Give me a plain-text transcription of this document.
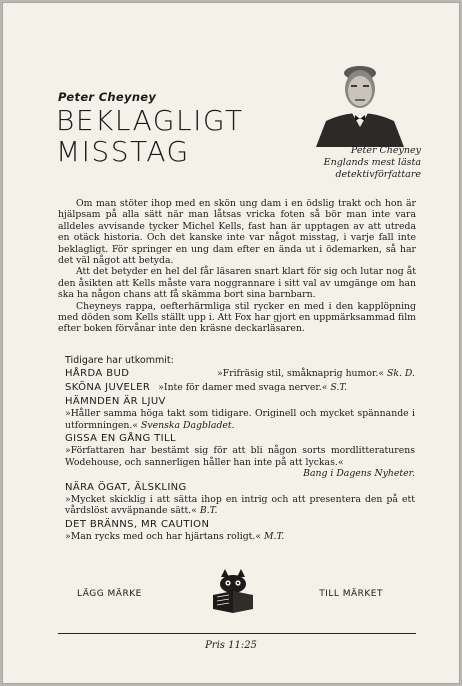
Peter Cheyney
BEKLAGLIGT
MISSTAG	Peter Cheyney
Englands mest lästa
detektivförfattare

Om man stöter ihop med en skön ung dam i en ödslig trakt och hon är hjälpsam på alla sätt när man låtsas vricka foten så bör man inte vara alldeles avvisande tycker Michel Kells, fast han är upptagen av att utreda en otäck historia. Och det kanske inte var något misstag, i varje fall inte beklagligt. För springer en ung dam efter en ända ut i ödemarken, så har det väl något att betyda.

Att det betyder en hel del får läsaren snart klart för sig och lutar nog åt den åsikten att Kells måste vara noggrannare i sitt val av umgänge om han ska ha någon chans att få skämma bort sina barnbarn.

Cheyneys rappa, oefterhärmliga stil rycker en med i den kapplöpning med döden som Kells ställt upp i. Att Fox har gjort en uppmärksammad film efter boken förvånar inte den kräsne deckarläsaren.

Tidigare har utkommit:
HÅRDA BUD	»Frifräsig stil, småknaprig humor.« Sk. D.
SKÖNA JUVELER »Inte för damer med svaga nerver.« S.T.
HÄMNDEN ÄR LJUV
»Håller samma höga takt som tidigare. Originell och mycket spännande i utformningen.« Svenska Dagbladet.
GISSA EN GÅNG TILL
»Författaren har bestämt sig för att bli någon sorts mordlitteraturens Wodehouse, och sannerligen håller han inte på att lyckas.«
Bang i Dagens Nyheter.
NÄRA ÖGAT, ÄLSKLING
»Mycket skicklig i att sätta ihop en intrig och att presentera den på ett vårdslöst avväpnande sätt.« B.T.
DET BRÄNNS, MR CAUTION
»Man rycks med och har hjärtans roligt.« M.T.
LÄGG MÄRKE	TILL MÄRKET
Pris 11:25
